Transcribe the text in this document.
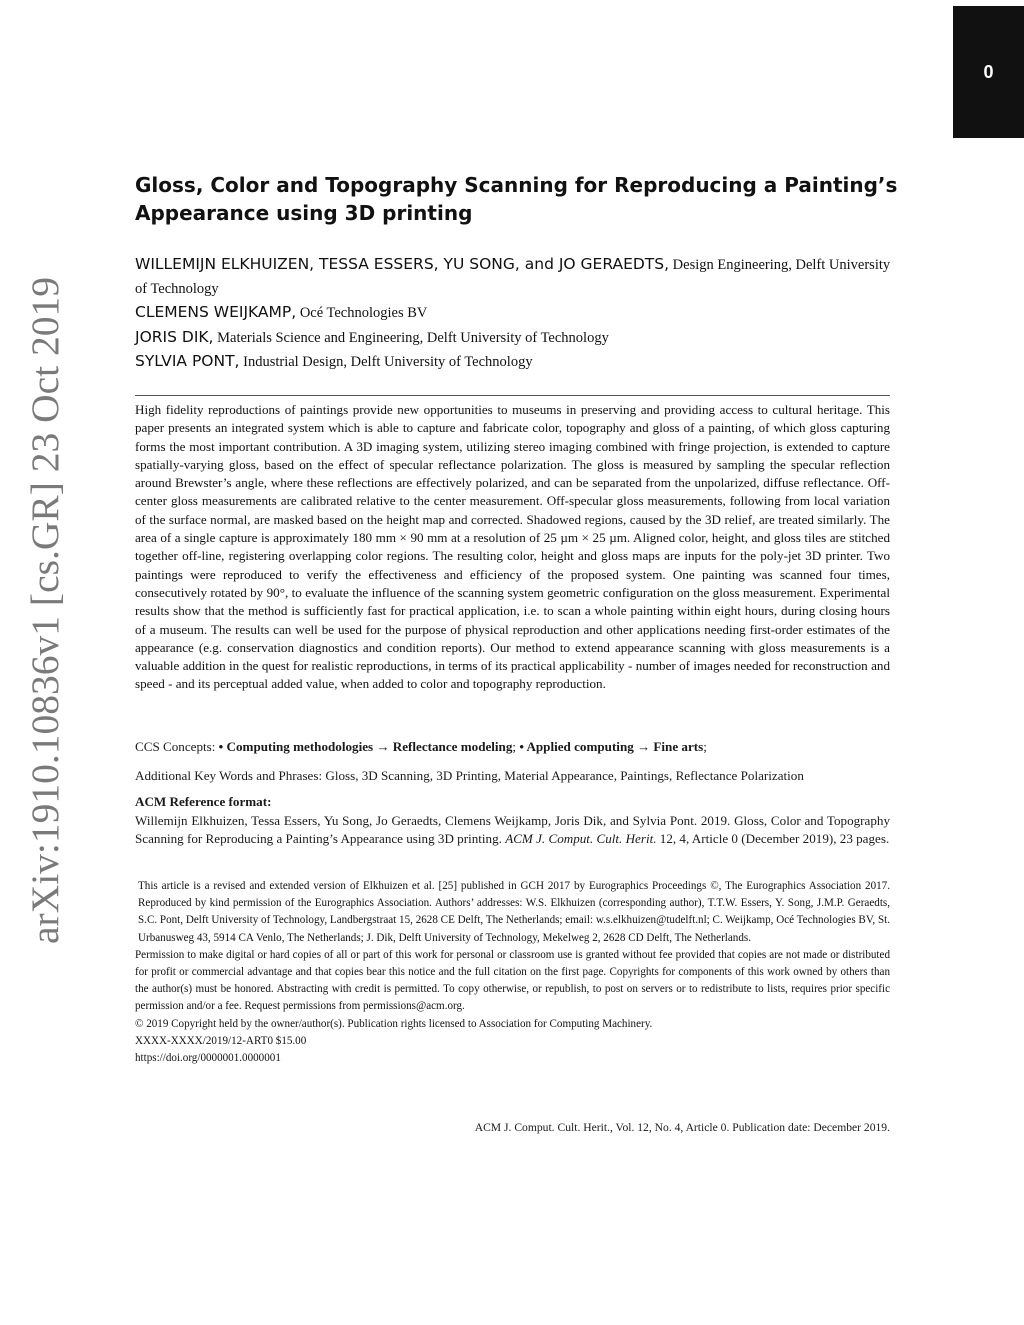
0
arXiv:1910.10836v1 [cs.GR] 23 Oct 2019
Gloss, Color and Topography Scanning for Reproducing a Painting’s Appearance using 3D printing
WILLEMIJN ELKHUIZEN, TESSA ESSERS, YU SONG, and JO GERAEDTS, Design Engineering, Delft University of Technology
CLEMENS WEIJKAMP, Océ Technologies BV
JORIS DIK, Materials Science and Engineering, Delft University of Technology
SYLVIA PONT, Industrial Design, Delft University of Technology

High fidelity reproductions of paintings provide new opportunities to museums in preserving and providing access to cultural heritage. This paper presents an integrated system which is able to capture and fabricate color, topography and gloss of a painting, of which gloss capturing forms the most important contribution. A 3D imaging system, utilizing stereo imaging combined with fringe projection, is extended to capture spatially-varying gloss, based on the effect of specular reflectance polarization. The gloss is measured by sampling the specular reflection around Brewster’s angle, where these reflections are effectively polarized, and can be separated from the unpolarized, diffuse reflectance. Off-center gloss measurements are calibrated relative to the center measurement. Off-specular gloss measurements, following from local variation of the surface normal, are masked based on the height map and corrected. Shadowed regions, caused by the 3D relief, are treated similarly. The area of a single capture is approximately 180 mm × 90 mm at a resolution of 25 µm × 25 µm. Aligned color, height, and gloss tiles are stitched together off-line, registering overlapping color regions. The resulting color, height and gloss maps are inputs for the poly-jet 3D printer. Two paintings were reproduced to verify the effectiveness and efficiency of the proposed system. One painting was scanned four times, consecutively rotated by 90°, to evaluate the influence of the scanning system geometric configuration on the gloss measurement. Experimental results show that the method is sufficiently fast for practical application, i.e. to scan a whole painting within eight hours, during closing hours of a museum. The results can well be used for the purpose of physical reproduction and other applications needing first-order estimates of the appearance (e.g. conservation diagnostics and condition reports). Our method to extend appearance scanning with gloss measurements is a valuable addition in the quest for realistic reproductions, in terms of its practical applicability - number of images needed for reconstruction and speed - and its perceptual added value, when added to color and topography reproduction.

CCS Concepts: • Computing methodologies → Reflectance modeling; • Applied computing → Fine arts;

Additional Key Words and Phrases: Gloss, 3D Scanning, 3D Printing, Material Appearance, Paintings, Reflectance Polarization

ACM Reference format:
Willemijn Elkhuizen, Tessa Essers, Yu Song, Jo Geraedts, Clemens Weijkamp, Joris Dik, and Sylvia Pont. 2019. Gloss, Color and Topography Scanning for Reproducing a Painting’s Appearance using 3D printing. ACM J. Comput. Cult. Herit. 12, 4, Article 0 (December 2019), 23 pages.

This article is a revised and extended version of Elkhuizen et al. [25] published in GCH 2017 by Eurographics Proceedings ©, The Eurographics Association 2017. Reproduced by kind permission of the Eurographics Association. Authors’ addresses: W.S. Elkhuizen (corresponding author), T.T.W. Essers, Y. Song, J.M.P. Geraedts, S.C. Pont, Delft University of Technology, Landbergstraat 15, 2628 CE Delft, The Netherlands; email: w.s.elkhuizen@tudelft.nl; C. Weijkamp, Océ Technologies BV, St. Urbanusweg 43, 5914 CA Venlo, The Netherlands; J. Dik, Delft University of Technology, Mekelweg 2, 2628 CD Delft, The Netherlands.

Permission to make digital or hard copies of all or part of this work for personal or classroom use is granted without fee provided that copies are not made or distributed for profit or commercial advantage and that copies bear this notice and the full citation on the first page. Copyrights for components of this work owned by others than the author(s) must be honored. Abstracting with credit is permitted. To copy otherwise, or republish, to post on servers or to redistribute to lists, requires prior specific permission and/or a fee. Request permissions from permissions@acm.org.

© 2019 Copyright held by the owner/author(s). Publication rights licensed to Association for Computing Machinery.

XXXX-XXXX/2019/12-ART0 $15.00

https://doi.org/0000001.0000001

ACM J. Comput. Cult. Herit., Vol. 12, No. 4, Article 0. Publication date: December 2019.
